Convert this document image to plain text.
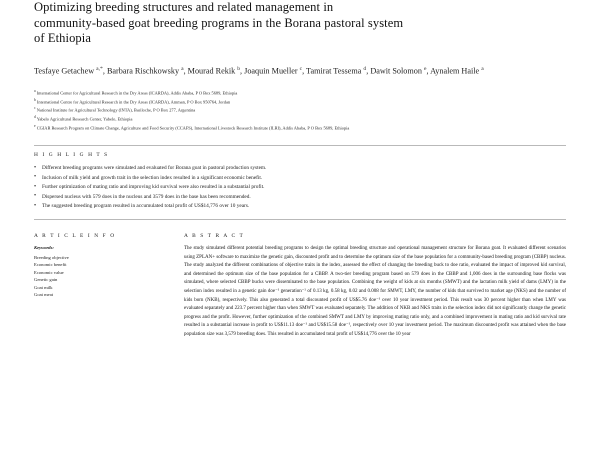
Optimizing breeding structures and related management in
community-based goat breeding programs in the Borana pastoral system
of Ethiopia
Tesfaye Getachew $^{a,*}$, Barbara Rischkowsky $^a$, Mourad Rekik $^b$, Joaquin Mueller $^c$, Tamirat Tessema $^d$, Dawit Solomon $^e$, Aynalem Haile $^a$
$^a$ International Center for Agricultural Research in the Dry Areas (ICARDA), Addis Ababa, P O Box 5689, Ethiopia
$^b$ International Centre for Agricultural Research in the Dry Areas (ICARDA), Amman, P O Box 950764, Jordan
$^c$ National Institute for Agricultural Technology (INTA), Bariloche, P O Box 277, Argentina
$^d$ Yabelo Agricultural Research Center, Yabelo, Ethiopia
$^e$ CGIAR Research Program on Climate Change, Agriculture and Food Security (CCAFS), International Livestock Research Institute (ILRI), Addis Ababa, P O Box 5689, Ethiopia
H I G H L I G H T S
• Different breeding programs were simulated and evaluated for Borana goat in pastoral production system.
• Inclusion of milk yield and growth trait in the selection index resulted in a significant economic benefit.
• Further optimization of mating ratio and improving kid survival were also resulted in a substantial profit.
• Dispersed nucleus with 579 does in the nucleus and 3579 does in the base has been recommended.
• The suggested breeding program resulted in accumulated total profit of US$14,776 over 10 years.
A R T I C L E I N F O
Keywords:
Breeding objective
Economic benefit
Economic value
Genetic gain
Goat milk
Goat meat
A B S T R A C T

The study simulated different potential breeding programs to design the optimal breeding structure and operational management structure for Borana goat. It evaluated different scenarios using ZPLAN+ software to maximize the genetic gain, discounted profit and to determine the optimum size of the base population for a community-based breeding program (CBBP) nucleus. The study analyzed the different combinations of objective traits in the index, assessed the effect of changing the breeding buck to doe ratio, evaluated the impact of improved kid survival, and determined the optimum size of the base population for a CBBP. A two-tier breeding program based on 579 does in the CBBP and 1,006 does in the surrounding base flocks was simulated, where selected CBBP bucks were disseminated to the base population. Combining the weight of kids at six months (SMWT) and the lactation milk yield of dams (LMY) in the selection index resulted in a genetic gain doe⁻¹ generation⁻¹ of 0.13 kg, 0.58 kg, 0.02 and 0.008 for SMWT, LMY, the number of kids that survived to market age (NKS) and the number of kids born (NKB), respectively. This also generated a total discounted profit of US$5.76 doe⁻¹ over 10 year investment period. This result was 30 percent higher than when LMY was evaluated separately and 223.7 percent higher than when SMWT was evaluated separately. The addition of NKB and NKS traits in the selection index did not significantly change the genetic progress and the profit. However, further optimization of the combined SMWT and LMY by improving mating ratio only, and a combined improvement in mating ratio and kid survival rate resulted in a substantial increase in profit to US$11.13 doe⁻¹ and US$15.58 doe⁻¹, respectively over 10 year investment period. The maximum discounted profit was attained when the base population size was 3,579 breeding does. This resulted in accumulated total profit of US$14,776 over the 10 year
